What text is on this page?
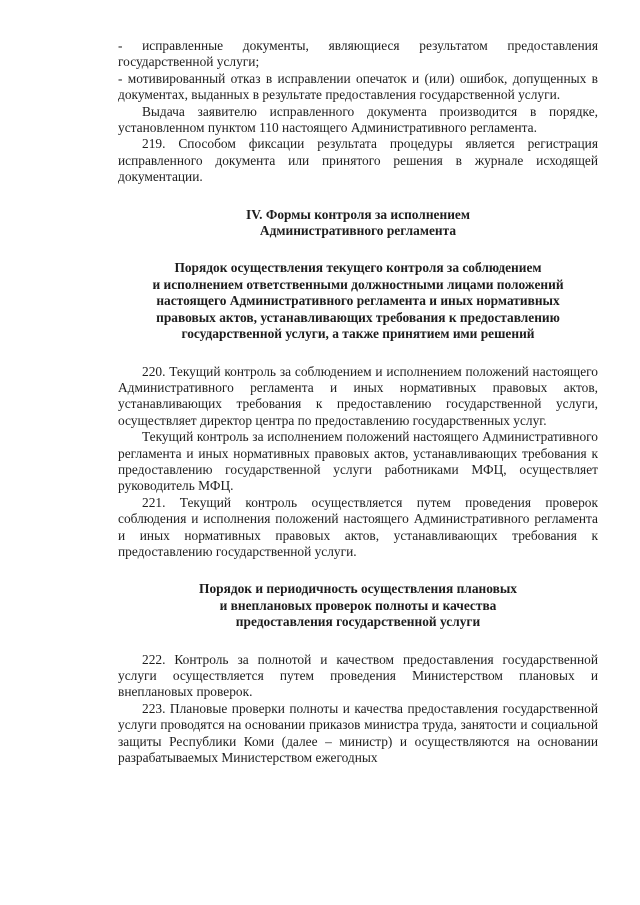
- исправленные документы, являющиеся результатом предоставления государственной услуги;

- мотивированный отказ в исправлении опечаток и (или) ошибок, допущенных в документах, выданных в результате предоставления государственной услуги.

Выдача заявителю исправленного документа производится в порядке, установленном пунктом 110 настоящего Административного регламента.

219. Способом фиксации результата процедуры является регистрация исправленного документа или принятого решения в журнале исходящей документации.

IV. Формы контроля за исполнением

Административного регламента

Порядок осуществления текущего контроля за соблюдением

и исполнением ответственными должностными лицами положений

настоящего Административного регламента и иных нормативных

правовых актов, устанавливающих требования к предоставлению

государственной услуги, а также принятием ими решений

220. Текущий контроль за соблюдением и исполнением положений настоящего Административного регламента и иных нормативных правовых актов, устанавливающих требования к предоставлению государственной услуги, осуществляет директор центра по предоставлению государственных услуг.

Текущий контроль за исполнением положений настоящего Административного регламента и иных нормативных правовых актов, устанавливающих требования к предоставлению государственной услуги работниками МФЦ, осуществляет руководитель МФЦ.

221. Текущий контроль осуществляется путем проведения проверок соблюдения и исполнения положений настоящего Административного регламента и иных нормативных правовых актов, устанавливающих требования к предоставлению государственной услуги.

Порядок и периодичность осуществления плановых

и внеплановых проверок полноты и качества

предоставления государственной услуги

222. Контроль за полнотой и качеством предоставления государственной услуги осуществляется путем проведения Министерством плановых и внеплановых проверок.

223. Плановые проверки полноты и качества предоставления государственной услуги проводятся на основании приказов министра труда, занятости и социальной защиты Республики Коми (далее – министр) и осуществляются на основании разрабатываемых Министерством ежегодных
